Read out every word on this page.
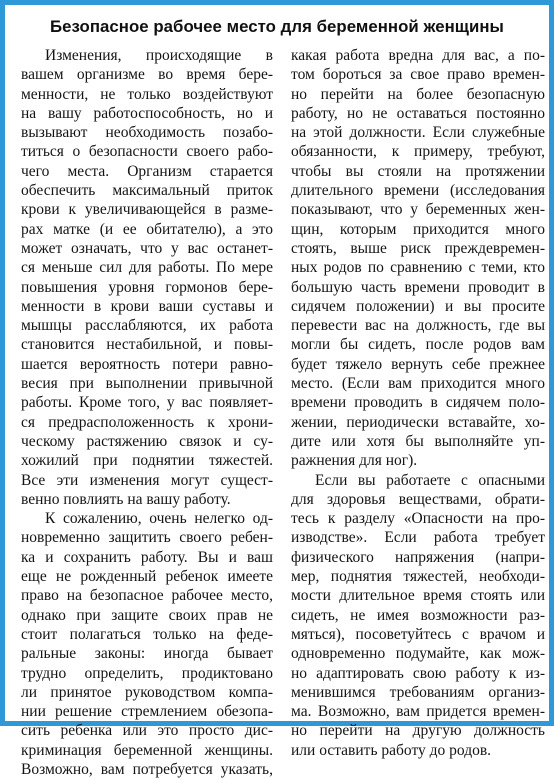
Безопасное рабочее место для беременной женщины
Изменения, происходящие в
вашем организме во время бере-
менности, не только воздействуют
на вашу работоспособность, но и
вызывают необходимость позабо-
титься о безопасности своего рабо-
чего места. Организм старается
обеспечить максимальный приток
крови к увеличивающейся в разме-
рах матке (и ее обитателю), а это
может означать, что у вас останет-
ся меньше сил для работы. По мере
повышения уровня гормонов бере-
менности в крови ваши суставы и
мышцы расслабляются, их работа
становится нестабильной, и повы-
шается вероятность потери равно-
весия при выполнении привычной
работы. Кроме того, у вас появляет-
ся предрасположенность к хрони-
ческому растяжению связок и су-
хожилий при поднятии тяжестей.
Все эти изменения могут сущест-
венно повлиять на вашу работу.
К сожалению, очень нелегко од-
новременно защитить своего ребен-
ка и сохранить работу. Вы и ваш
еще не рожденный ребенок имеете
право на безопасное рабочее место,
однако при защите своих прав не
стоит полагаться только на феде-
ральные законы: иногда бывает
трудно определить, продиктовано
ли принятое руководством компа-
нии решение стремлением обезопа-
сить ребенка или это просто дис-
криминация беременной женщины.
Возможно, вам потребуется указать,
какая работа вредна для вас, а по-
том бороться за свое право времен-
но перейти на более безопасную
работу, но не оставаться постоянно
на этой должности. Если служебные
обязанности, к примеру, требуют,
чтобы вы стояли на протяжении
длительного времени (исследования
показывают, что у беременных жен-
щин, которым приходится много
стоять, выше риск преждевремен-
ных родов по сравнению с теми, кто
большую часть времени проводит в
сидячем положении) и вы просите
перевести вас на должность, где вы
могли бы сидеть, после родов вам
будет тяжело вернуть себе прежнее
место. (Если вам приходится много
времени проводить в сидячем поло-
жении, периодически вставайте, хо-
дите или хотя бы выполняйте уп-
ражнения для ног).
Если вы работаете с опасными
для здоровья веществами, обрати-
тесь к разделу «Опасности на про-
изводстве». Если работа требует
физического напряжения (напри-
мер, поднятия тяжестей, необходи-
мости длительное время стоять или
сидеть, не имея возможности раз-
мяться), посоветуйтесь с врачом и
одновременно подумайте, как мож-
но адаптировать свою работу к из-
менившимся требованиям организ-
ма. Возможно, вам придется времен-
но перейти на другую должность
или оставить работу до родов.
